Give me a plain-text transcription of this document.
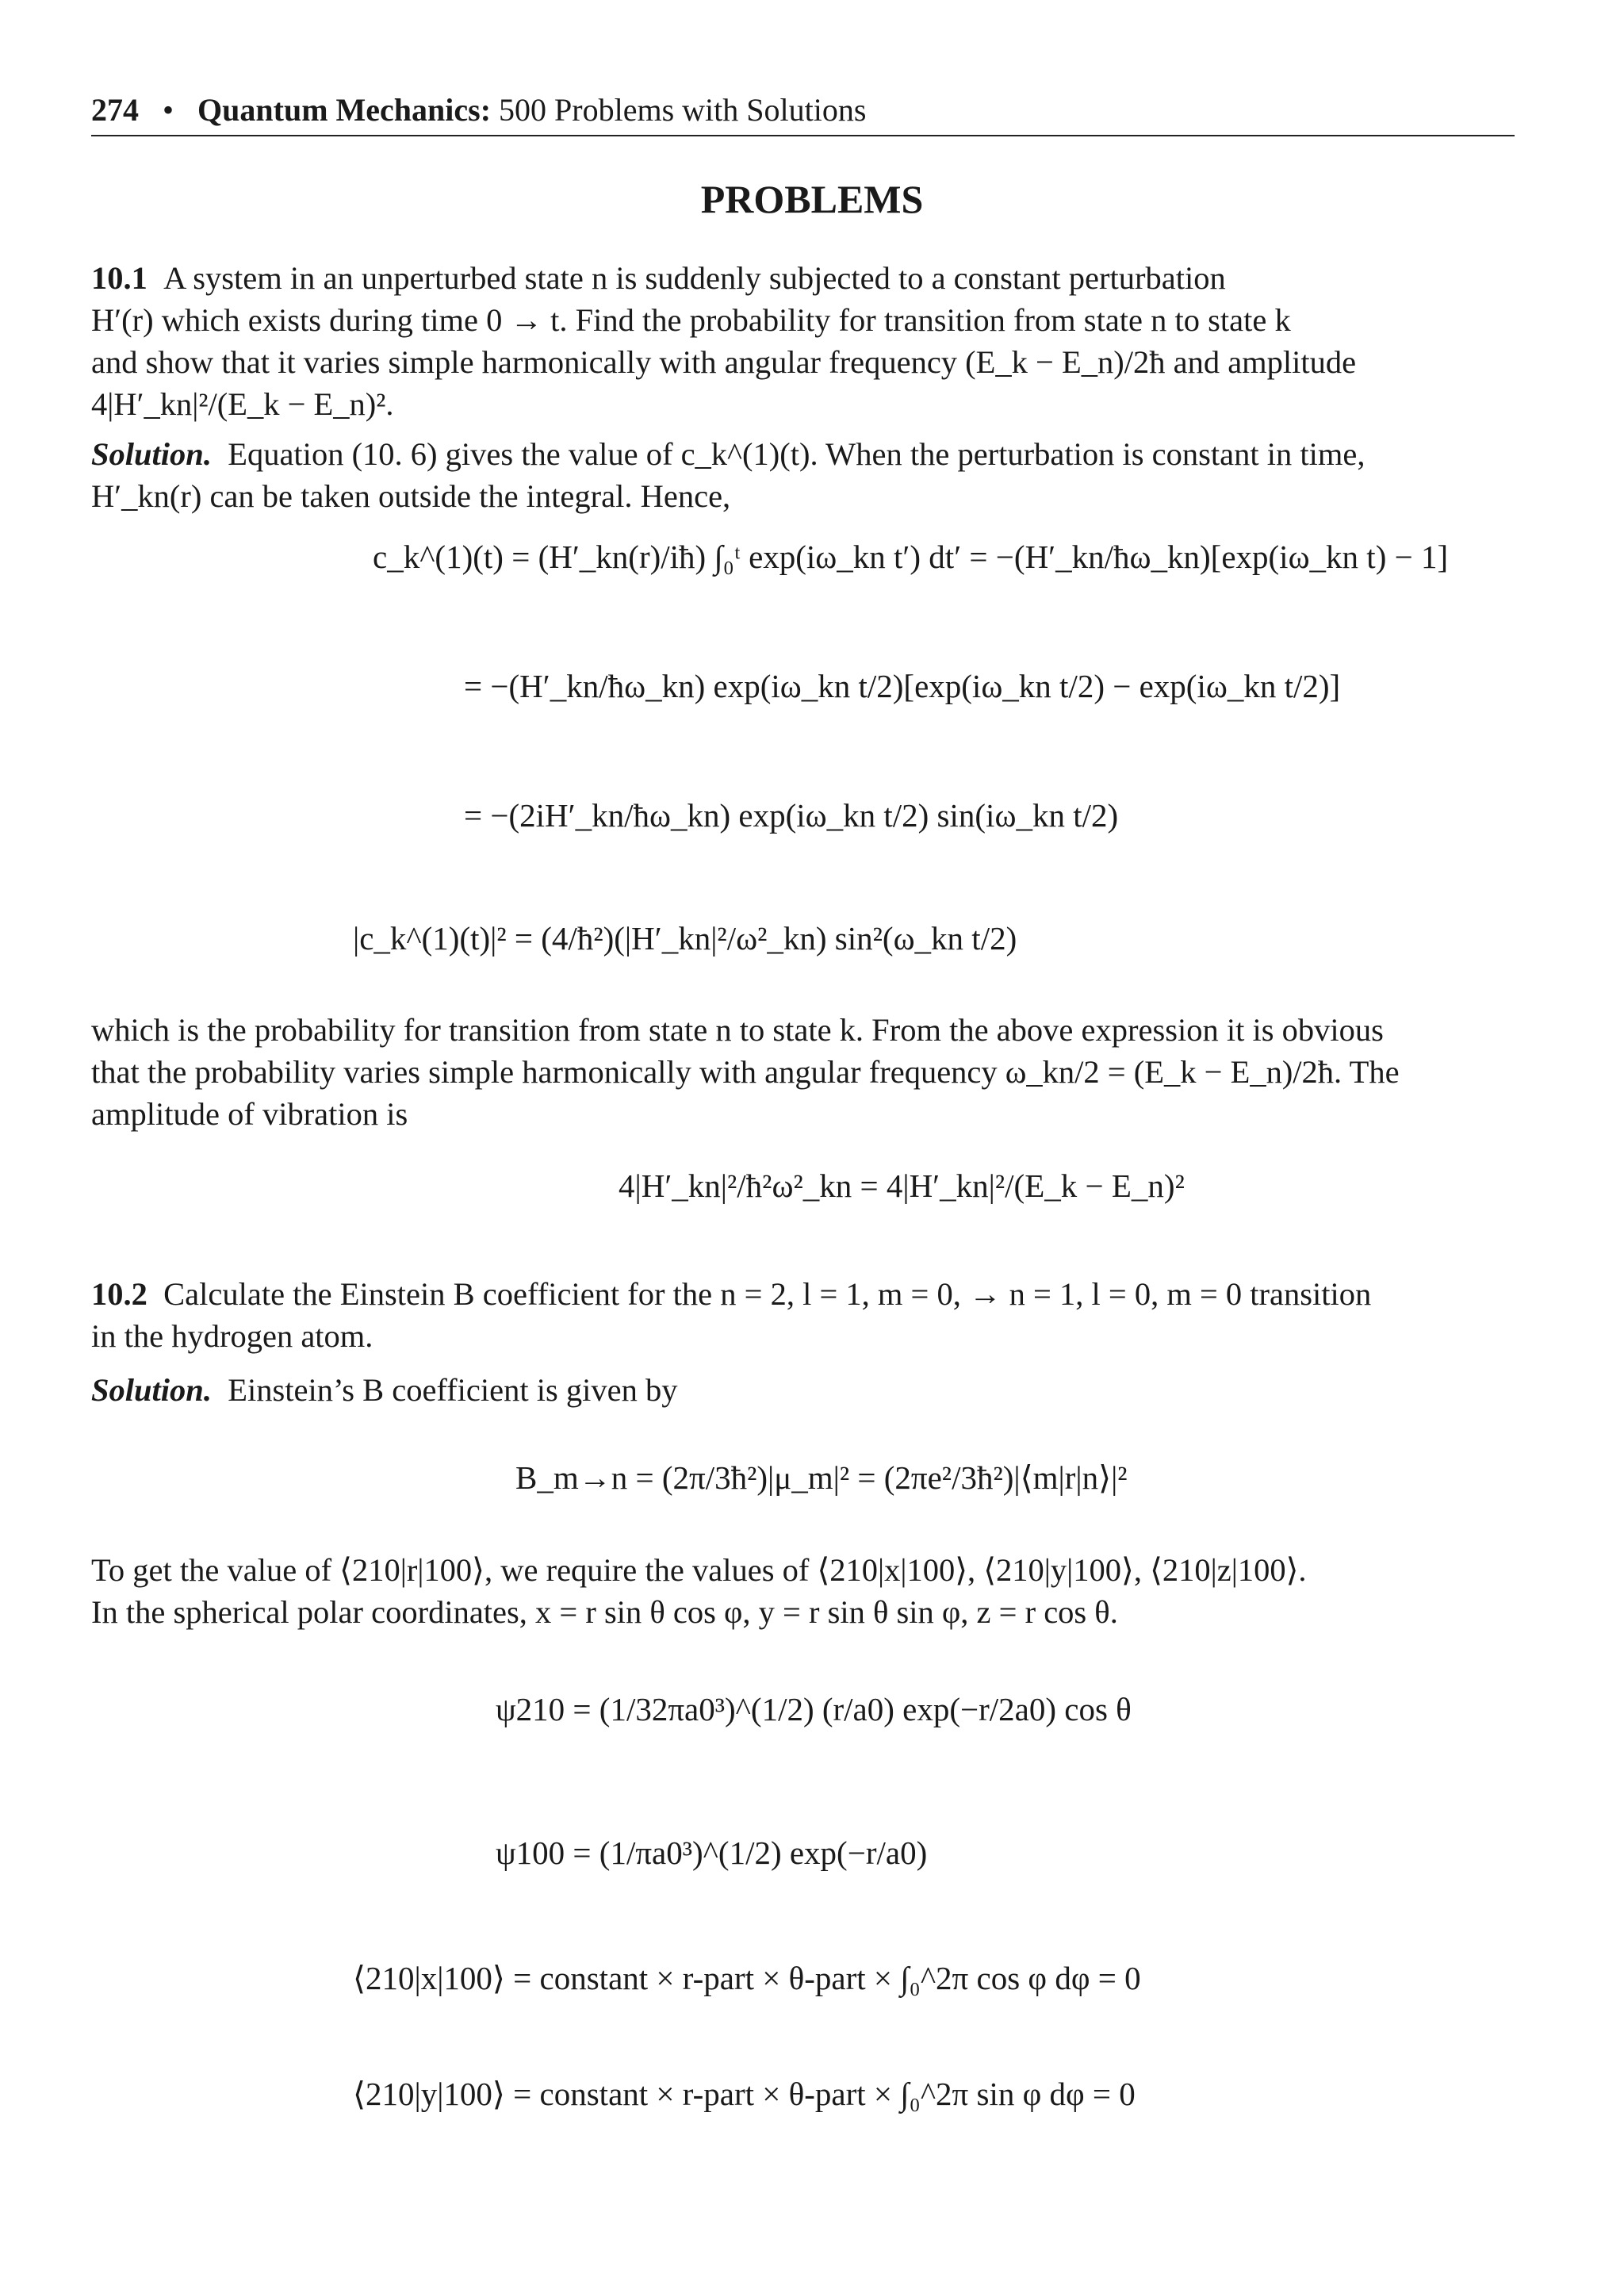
274 • Quantum Mechanics: 500 Problems with Solutions
PROBLEMS
10.1 A system in an unperturbed state n is suddenly subjected to a constant perturbation
H′(r) which exists during time 0 → t. Find the probability for transition from state n to state k
and show that it varies simple harmonically with angular frequency (E_k − E_n)/2ħ and amplitude
4|H′_kn|²/(E_k − E_n)².
Solution. Equation (10. 6) gives the value of c_k^(1)(t). When the perturbation is constant in time,
H′_kn(r) can be taken outside the integral. Hence,
c_k^(1)(t) = (H′_kn(r)/iħ) ∫₀ᵗ exp(iω_kn t′) dt′ = −(H′_kn/ħω_kn)[exp(iω_kn t) − 1]
= −(H′_kn/ħω_kn) exp(iω_kn t/2)[exp(iω_kn t/2) − exp(iω_kn t/2)]
= −(2iH′_kn/ħω_kn) exp(iω_kn t/2) sin(iω_kn t/2)
|c_k^(1)(t)|² = (4/ħ²)(|H′_kn|²/ω²_kn) sin²(ω_kn t/2)
which is the probability for transition from state n to state k. From the above expression it is obvious
that the probability varies simple harmonically with angular frequency ω_kn/2 = (E_k − E_n)/2ħ. The
amplitude of vibration is
4|H′_kn|²/ħ²ω²_kn = 4|H′_kn|²/(E_k − E_n)²
10.2 Calculate the Einstein B coefficient for the n = 2, l = 1, m = 0, → n = 1, l = 0, m = 0 transition
in the hydrogen atom.
Solution. Einstein’s B coefficient is given by
B_m→n = (2π/3ħ²)|μ_m|² = (2πe²/3ħ²)|⟨m|r|n⟩|²
To get the value of ⟨210|r|100⟩, we require the values of ⟨210|x|100⟩, ⟨210|y|100⟩, ⟨210|z|100⟩.
In the spherical polar coordinates, x = r sin θ cos φ, y = r sin θ sin φ, z = r cos θ.
ψ210 = (1/32πa0³)^(1/2) (r/a0) exp(−r/2a0) cos θ
ψ100 = (1/πa0³)^(1/2) exp(−r/a0)
⟨210|x|100⟩ = constant × r-part × θ-part × ∫₀^2π cos φ dφ = 0
⟨210|y|100⟩ = constant × r-part × θ-part × ∫₀^2π sin φ dφ = 0
